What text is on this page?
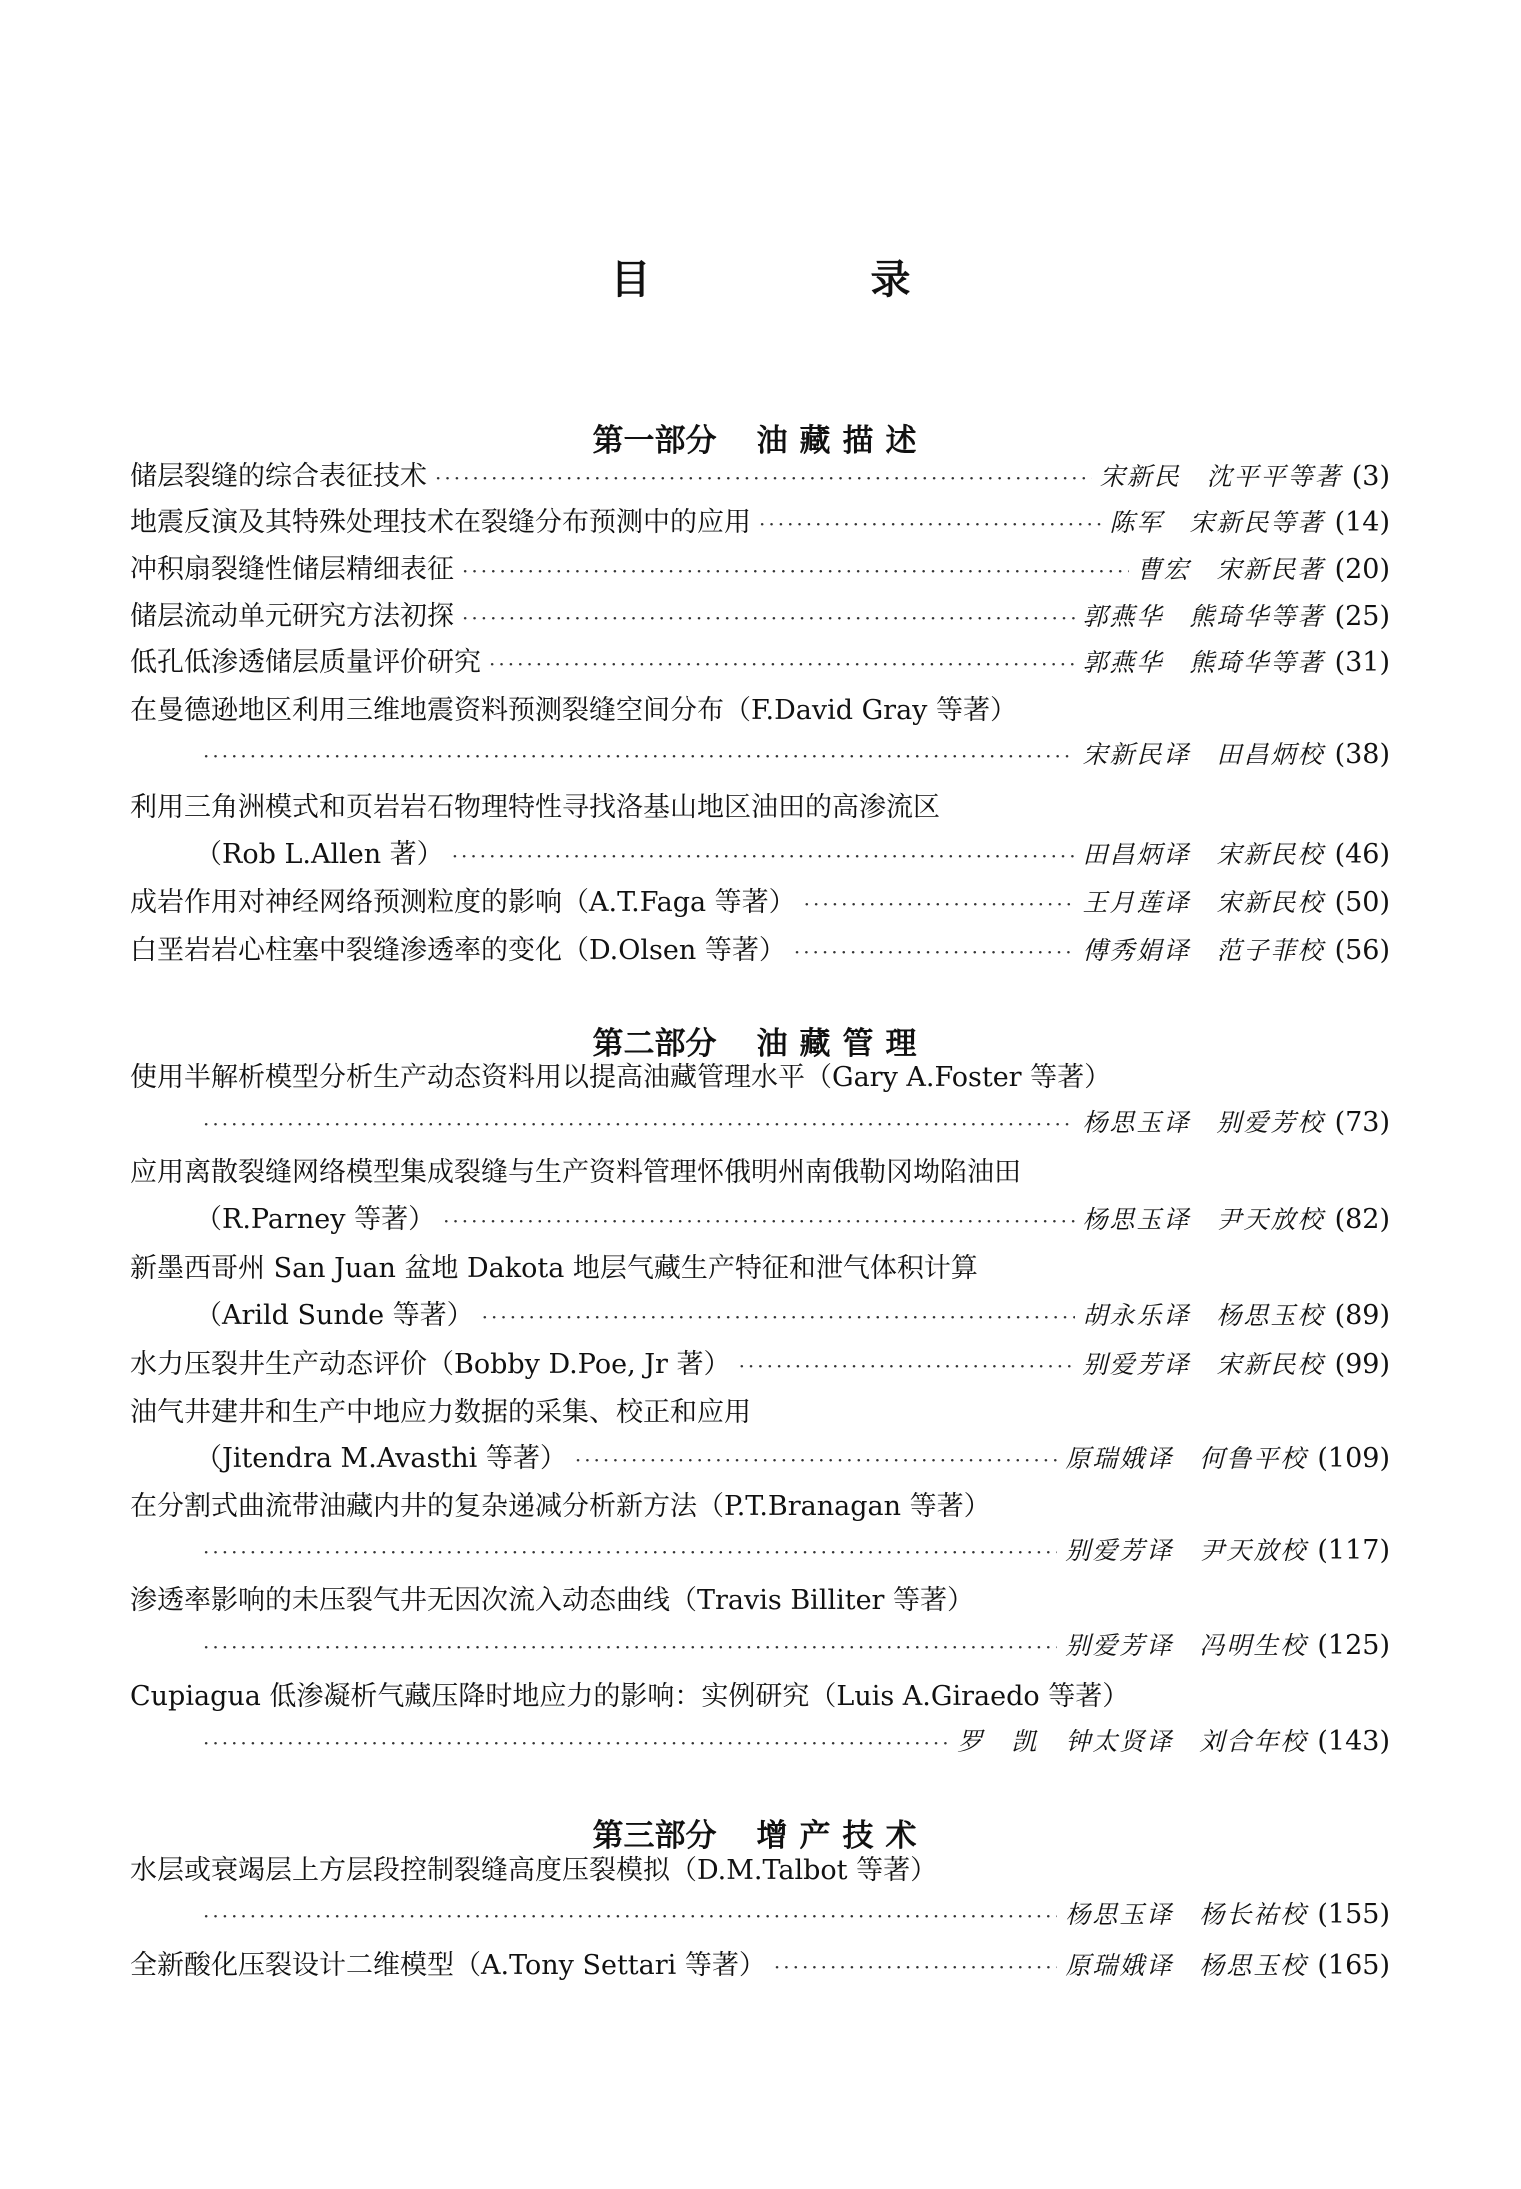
目　录
第一部分 油藏描述
储层裂缝的综合表征技术 ·····	宋新民 沈平平等著 (3)
地震反演及其特殊处理技术在裂缝分布预测中的应用 ·····	陈军 宋新民等著 (14)
冲积扇裂缝性储层精细表征 ·····	曹宏 宋新民著 (20)
储层流动单元研究方法初探 ·····	郭燕华 熊琦华等著 (25)
低孔低渗透储层质量评价研究 ·····	郭燕华 熊琦华等著 (31)
在曼德逊地区利用三维地震资料预测裂缝空间分布（F.David Gray 等著）
·····
宋新民译 田昌炳校 (38)
利用三角洲模式和页岩岩石物理特性寻找洛基山地区油田的高渗流区
（Rob L.Allen 著） ·····	田昌炳译 宋新民校 (46)
成岩作用对神经网络预测粒度的影响（A.T.Faga 等著） ·····	王月莲译 宋新民校 (50)
白垩岩岩心柱塞中裂缝渗透率的变化（D.Olsen 等著） ·····	傅秀娟译 范子菲校 (56)
第二部分 油藏管理
使用半解析模型分析生产动态资料用以提高油藏管理水平（Gary A.Foster 等著）
·····
杨思玉译 别爱芳校 (73)
应用离散裂缝网络模型集成裂缝与生产资料管理怀俄明州南俄勒冈坳陷油田
（R.Parney 等著） ·····	杨思玉译 尹天放校 (82)
新墨西哥州 San Juan 盆地 Dakota 地层气藏生产特征和泄气体积计算
（Arild Sunde 等著） ·····	胡永乐译 杨思玉校 (89)
水力压裂井生产动态评价（Bobby D.Poe, Jr 著） ·····	别爱芳译 宋新民校 (99)
油气井建井和生产中地应力数据的采集、校正和应用
（Jitendra M.Avasthi 等著） ·····	原瑞娥译 何鲁平校 (109)
在分割式曲流带油藏内井的复杂递减分析新方法（P.T.Branagan 等著）
·····
别爱芳译 尹天放校 (117)
渗透率影响的未压裂气井无因次流入动态曲线（Travis Billiter 等著）
·····
别爱芳译 冯明生校 (125)
Cupiagua 低渗凝析气藏压降时地应力的影响：实例研究（Luis A.Giraedo 等著）
·····
罗　凯　钟太贤译 刘合年校 (143)
第三部分 增产技术
水层或衰竭层上方层段控制裂缝高度压裂模拟（D.M.Talbot 等著）
·····
杨思玉译 杨长祐校 (155)
全新酸化压裂设计二维模型（A.Tony Settari 等著） ·····	原瑞娥译 杨思玉校 (165)
